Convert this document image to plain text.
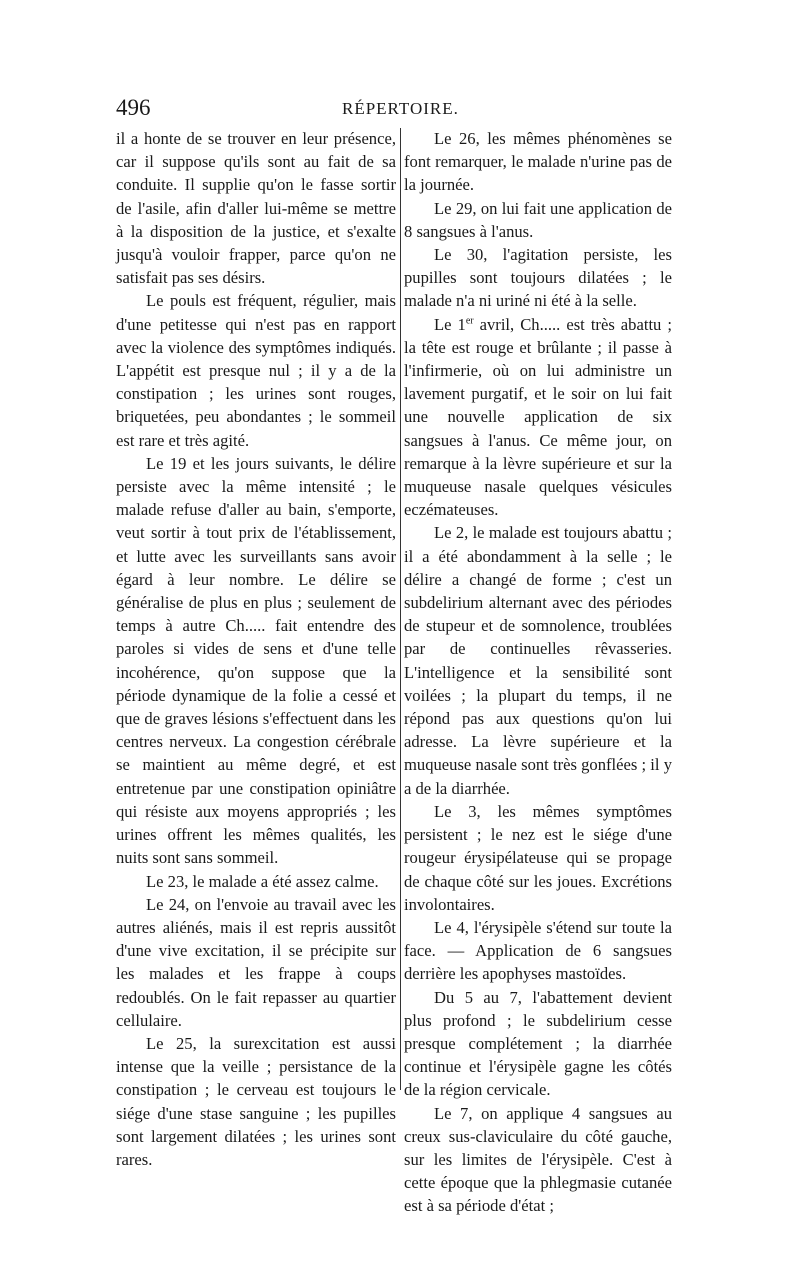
496	RÉPERTOIRE.

il a honte de se trouver en leur présence, car il suppose qu'ils sont au fait de sa conduite. Il supplie qu'on le fasse sortir de l'asile, afin d'aller lui-même se mettre à la disposition de la justice, et s'exalte jusqu'à vouloir frapper, parce qu'on ne satisfait pas ses désirs.

Le pouls est fréquent, régulier, mais d'une petitesse qui n'est pas en rapport avec la violence des symptômes indiqués. L'appétit est presque nul ; il y a de la constipation ; les urines sont rouges, briquetées, peu abondantes ; le sommeil est rare et très agité.

Le 19 et les jours suivants, le délire persiste avec la même intensité ; le malade refuse d'aller au bain, s'emporte, veut sortir à tout prix de l'établissement, et lutte avec les surveillants sans avoir égard à leur nombre. Le délire se généralise de plus en plus ; seulement de temps à autre Ch..... fait entendre des paroles si vides de sens et d'une telle incohérence, qu'on suppose que la période dynamique de la folie a cessé et que de graves lésions s'effectuent dans les centres nerveux. La congestion cérébrale se maintient au même degré, et est entretenue par une constipation opiniâtre qui résiste aux moyens appropriés ; les urines offrent les mêmes qualités, les nuits sont sans sommeil.

Le 23, le malade a été assez calme.

Le 24, on l'envoie au travail avec les autres aliénés, mais il est repris aussitôt d'une vive excitation, il se précipite sur les malades et les frappe à coups redoublés. On le fait repasser au quartier cellulaire.

Le 25, la surexcitation est aussi intense que la veille ; persistance de la constipation ; le cerveau est toujours le siége d'une stase sanguine ; les pupilles sont largement dilatées ; les urines sont rares.

Le 26, les mêmes phénomènes se font remarquer, le malade n'urine pas de la journée.

Le 29, on lui fait une application de 8 sangsues à l'anus.

Le 30, l'agitation persiste, les pupilles sont toujours dilatées ; le malade n'a ni uriné ni été à la selle.

Le 1er avril, Ch..... est très abattu ; la tête est rouge et brûlante ; il passe à l'infirmerie, où on lui administre un lavement purgatif, et le soir on lui fait une nouvelle application de six sangsues à l'anus. Ce même jour, on remarque à la lèvre supérieure et sur la muqueuse nasale quelques vésicules eczémateuses.

Le 2, le malade est toujours abattu ; il a été abondamment à la selle ; le délire a changé de forme ; c'est un subdelirium alternant avec des périodes de stupeur et de somnolence, troublées par de continuelles rêvasseries. L'intelligence et la sensibilité sont voilées ; la plupart du temps, il ne répond pas aux questions qu'on lui adresse. La lèvre supérieure et la muqueuse nasale sont très gonflées ; il y a de la diarrhée.

Le 3, les mêmes symptômes persistent ; le nez est le siége d'une rougeur érysipélateuse qui se propage de chaque côté sur les joues. Excrétions involontaires.

Le 4, l'érysipèle s'étend sur toute la face. — Application de 6 sangsues derrière les apophyses mastoïdes.

Du 5 au 7, l'abattement devient plus profond ; le subdelirium cesse presque complétement ; la diarrhée continue et l'érysipèle gagne les côtés de la région cervicale.

Le 7, on applique 4 sangsues au creux sus-claviculaire du côté gauche, sur les limites de l'érysipèle. C'est à cette époque que la phlegmasie cutanée est à sa période d'état ;
